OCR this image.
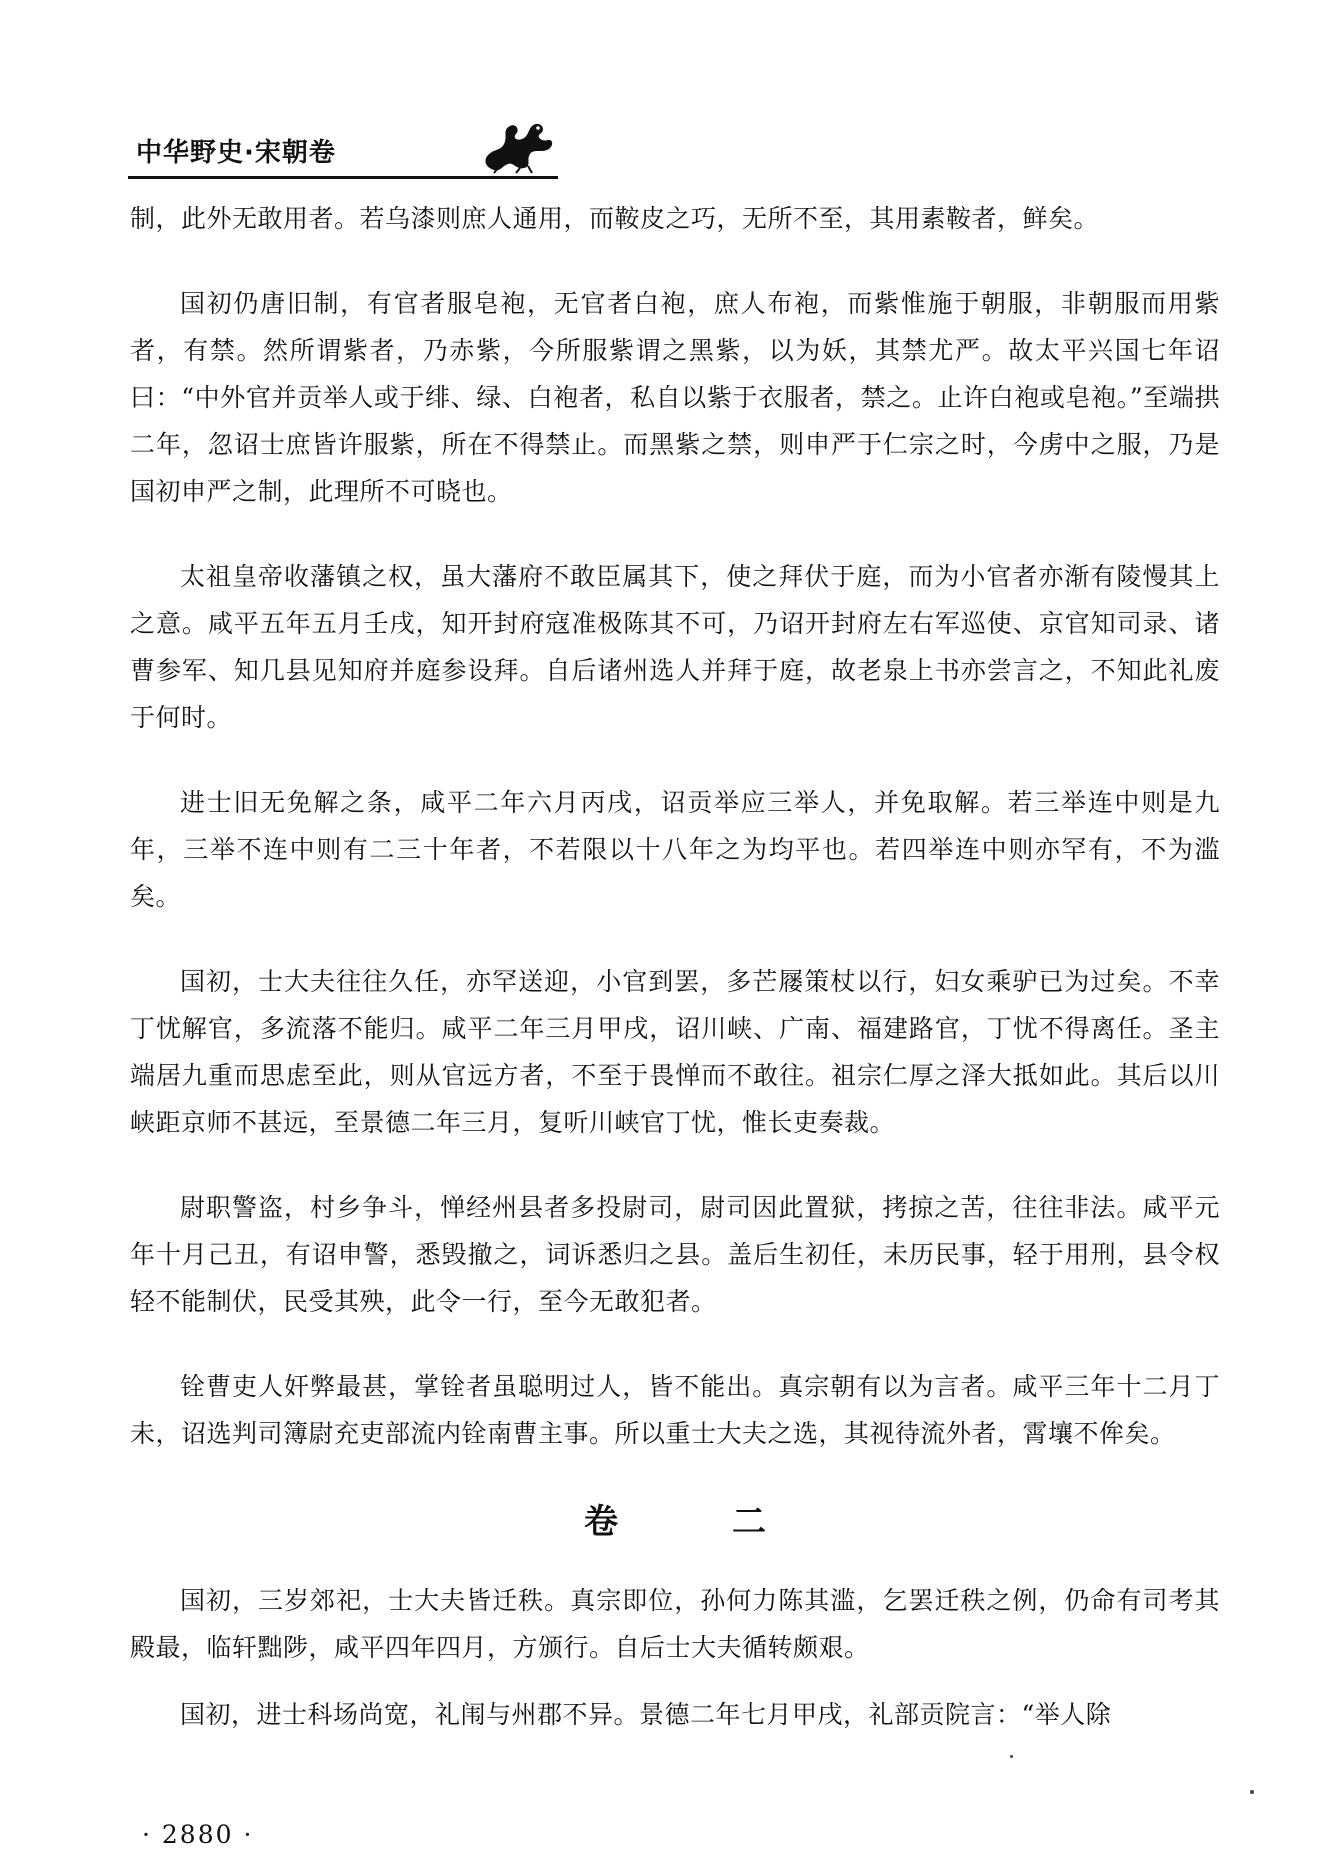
中华野史·宋朝卷

制，此外无敢用者。若乌漆则庶人通用，而鞍皮之巧，无所不至，其用素鞍者，鲜矣。

国初仍唐旧制，有官者服皂袍，无官者白袍，庶人布袍，而紫惟施于朝服，非朝服而用紫者，有禁。然所谓紫者，乃赤紫，今所服紫谓之黑紫，以为妖，其禁尤严。故太平兴国七年诏曰：“中外官并贡举人或于绯、绿、白袍者，私自以紫于衣服者，禁之。止许白袍或皂袍。”至端拱二年，忽诏士庶皆许服紫，所在不得禁止。而黑紫之禁，则申严于仁宗之时，今虏中之服，乃是国初申严之制，此理所不可晓也。

太祖皇帝收藩镇之权，虽大藩府不敢臣属其下，使之拜伏于庭，而为小官者亦渐有陵慢其上之意。咸平五年五月壬戌，知开封府寇准极陈其不可，乃诏开封府左右军巡使、京官知司录、诸曹参军、知几县见知府并庭参设拜。自后诸州选人并拜于庭，故老泉上书亦尝言之，不知此礼废于何时。

进士旧无免解之条，咸平二年六月丙戌，诏贡举应三举人，并免取解。若三举连中则是九年，三举不连中则有二三十年者，不若限以十八年之为均平也。若四举连中则亦罕有，不为滥矣。

国初，士大夫往往久任，亦罕送迎，小官到罢，多芒屦策杖以行，妇女乘驴已为过矣。不幸丁忧解官，多流落不能归。咸平二年三月甲戌，诏川峡、广南、福建路官，丁忧不得离任。圣主端居九重而思虑至此，则从官远方者，不至于畏惮而不敢往。祖宗仁厚之泽大抵如此。其后以川峡距京师不甚远，至景德二年三月，复听川峡官丁忧，惟长吏奏裁。

尉职警盗，村乡争斗，惮经州县者多投尉司，尉司因此置狱，拷掠之苦，往往非法。咸平元年十月己丑，有诏申警，悉毁撤之，词诉悉归之县。盖后生初任，未历民事，轻于用刑，县令权轻不能制伏，民受其殃，此令一行，至今无敢犯者。

铨曹吏人奸弊最甚，掌铨者虽聪明过人，皆不能出。真宗朝有以为言者。咸平三年十二月丁未，诏选判司簿尉充吏部流内铨南曹主事。所以重士大夫之选，其视待流外者，霄壤不侔矣。

卷　二

国初，三岁郊祀，士大夫皆迁秩。真宗即位，孙何力陈其滥，乞罢迁秩之例，仍命有司考其殿最，临轩黜陟，咸平四年四月，方颁行。自后士大夫循转颇艰。

国初，进士科场尚宽，礼闱与州郡不异。景德二年七月甲戌，礼部贡院言：“举人除

· 2880 ·
